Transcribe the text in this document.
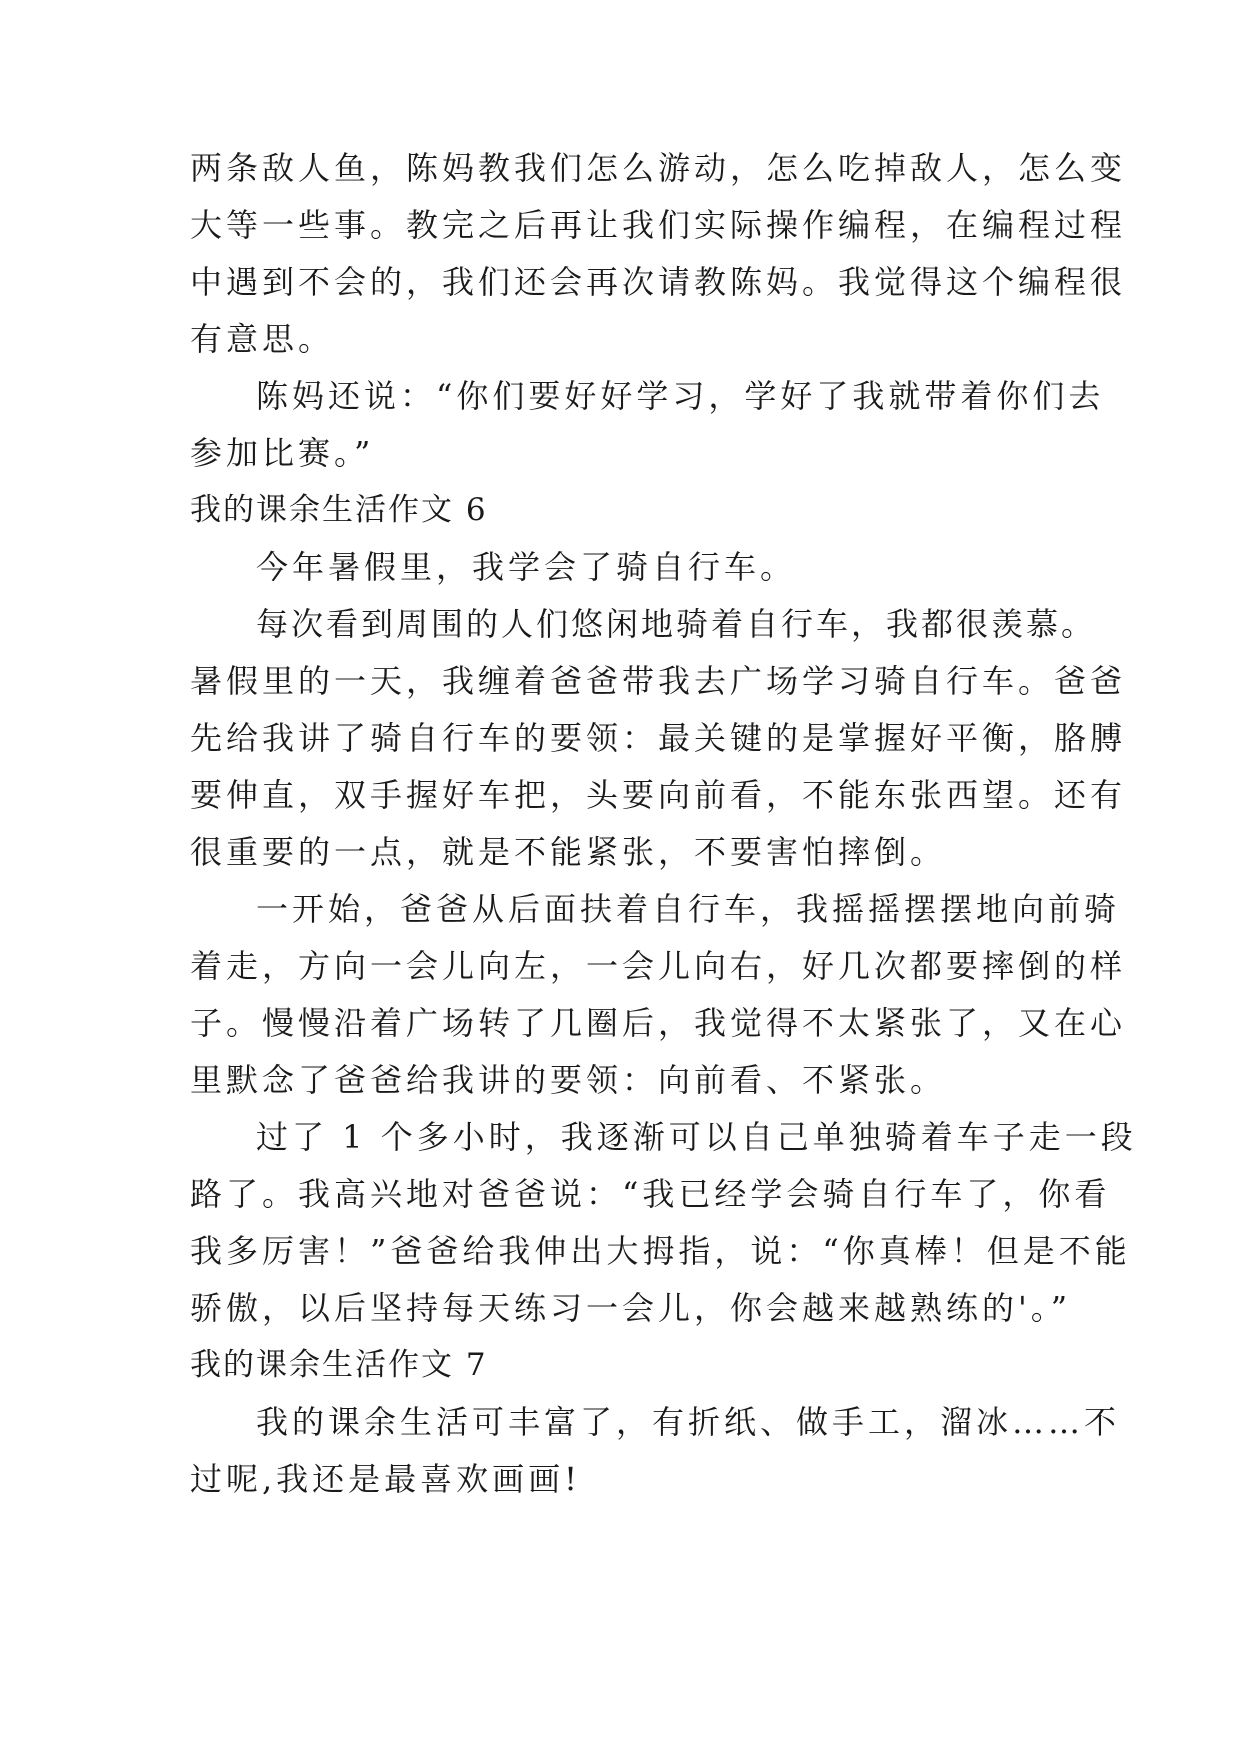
两条敌人鱼，陈妈教我们怎么游动，怎么吃掉敌人，怎么变
大等一些事。教完之后再让我们实际操作编程，在编程过程
中遇到不会的，我们还会再次请教陈妈。我觉得这个编程很
有意思。
陈妈还说：“你们要好好学习，学好了我就带着你们去
参加比赛。”
我的课余生活作文 6
今年暑假里，我学会了骑自行车。
每次看到周围的人们悠闲地骑着自行车，我都很羡慕。
暑假里的一天，我缠着爸爸带我去广场学习骑自行车。爸爸
先给我讲了骑自行车的要领：最关键的是掌握好平衡，胳膊
要伸直，双手握好车把，头要向前看，不能东张西望。还有
很重要的一点，就是不能紧张，不要害怕摔倒。
一开始，爸爸从后面扶着自行车，我摇摇摆摆地向前骑
着走，方向一会儿向左，一会儿向右，好几次都要摔倒的样
子。慢慢沿着广场转了几圈后，我觉得不太紧张了，又在心
里默念了爸爸给我讲的要领：向前看、不紧张。
过了 1 个多小时，我逐渐可以自己单独骑着车子走一段
路了。我高兴地对爸爸说：“我已经学会骑自行车了，你看
我多厉害！”爸爸给我伸出大拇指，说：“你真棒！但是不能
骄傲，以后坚持每天练习一会儿，你会越来越熟练的'。”
我的课余生活作文 7
我的课余生活可丰富了，有折纸、做手工，溜冰……不
过呢,我还是最喜欢画画!
